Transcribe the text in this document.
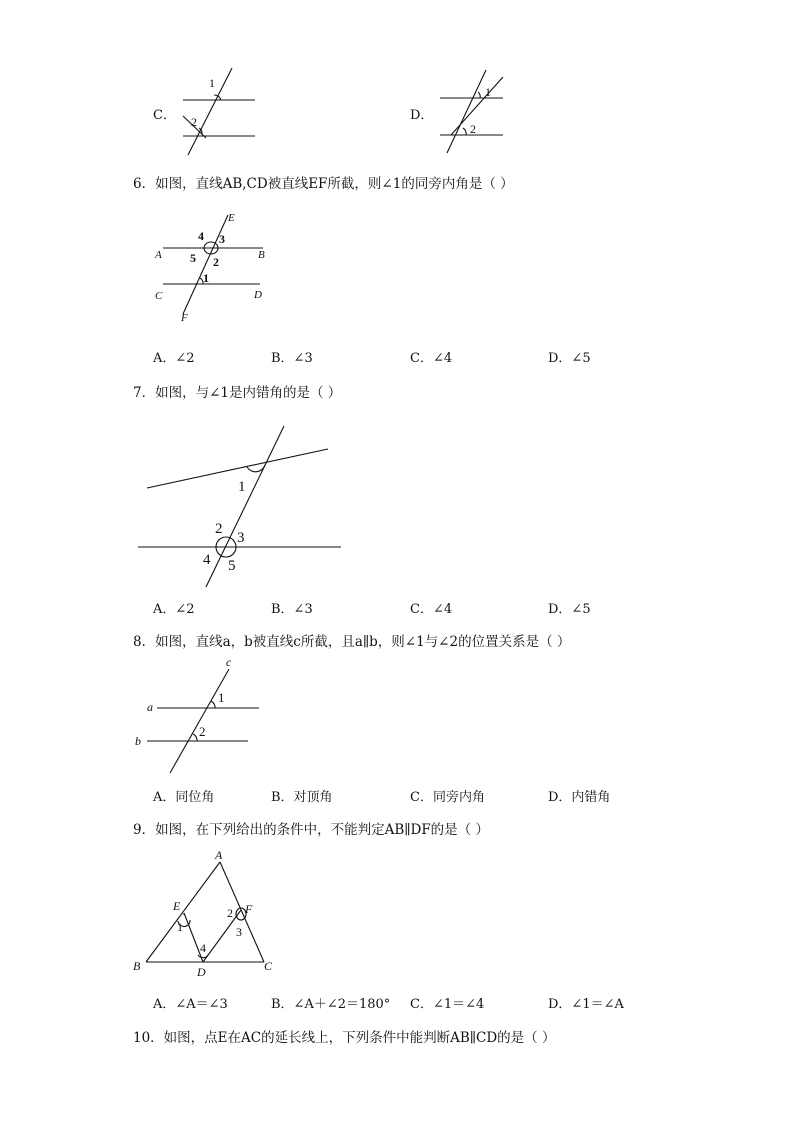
C．
1
2	D．
1
2
6．如图，直线AB,CD被直线EF所截，则∠1的同旁内角是（ ）
E
F
A	B
C	D
4 3
5 2
1
A．∠2	B．∠3	C．∠4	D．∠5
7．如图，与∠1是内错角的是（ ）
1
2
3
4 5
A．∠2	B．∠3	C．∠4	D．∠5
8．如图，直线a，b被直线c所截，且a∥b，则∠1与∠2的位置关系是（ ）
c
a
b
1
2
A．同位角	B．对顶角	C．同旁内角	D．内错角
9．如图，在下列给出的条件中，不能判定AB∥DF的是（ ）
A
B	C
D
E	F
1
2
3
4
A．∠A＝∠3	B．∠A＋∠2＝180° C．∠1＝∠4	D．∠1＝∠A
10．如图，点E在AC的延长线上，下列条件中能判断AB∥CD的是（ ）
